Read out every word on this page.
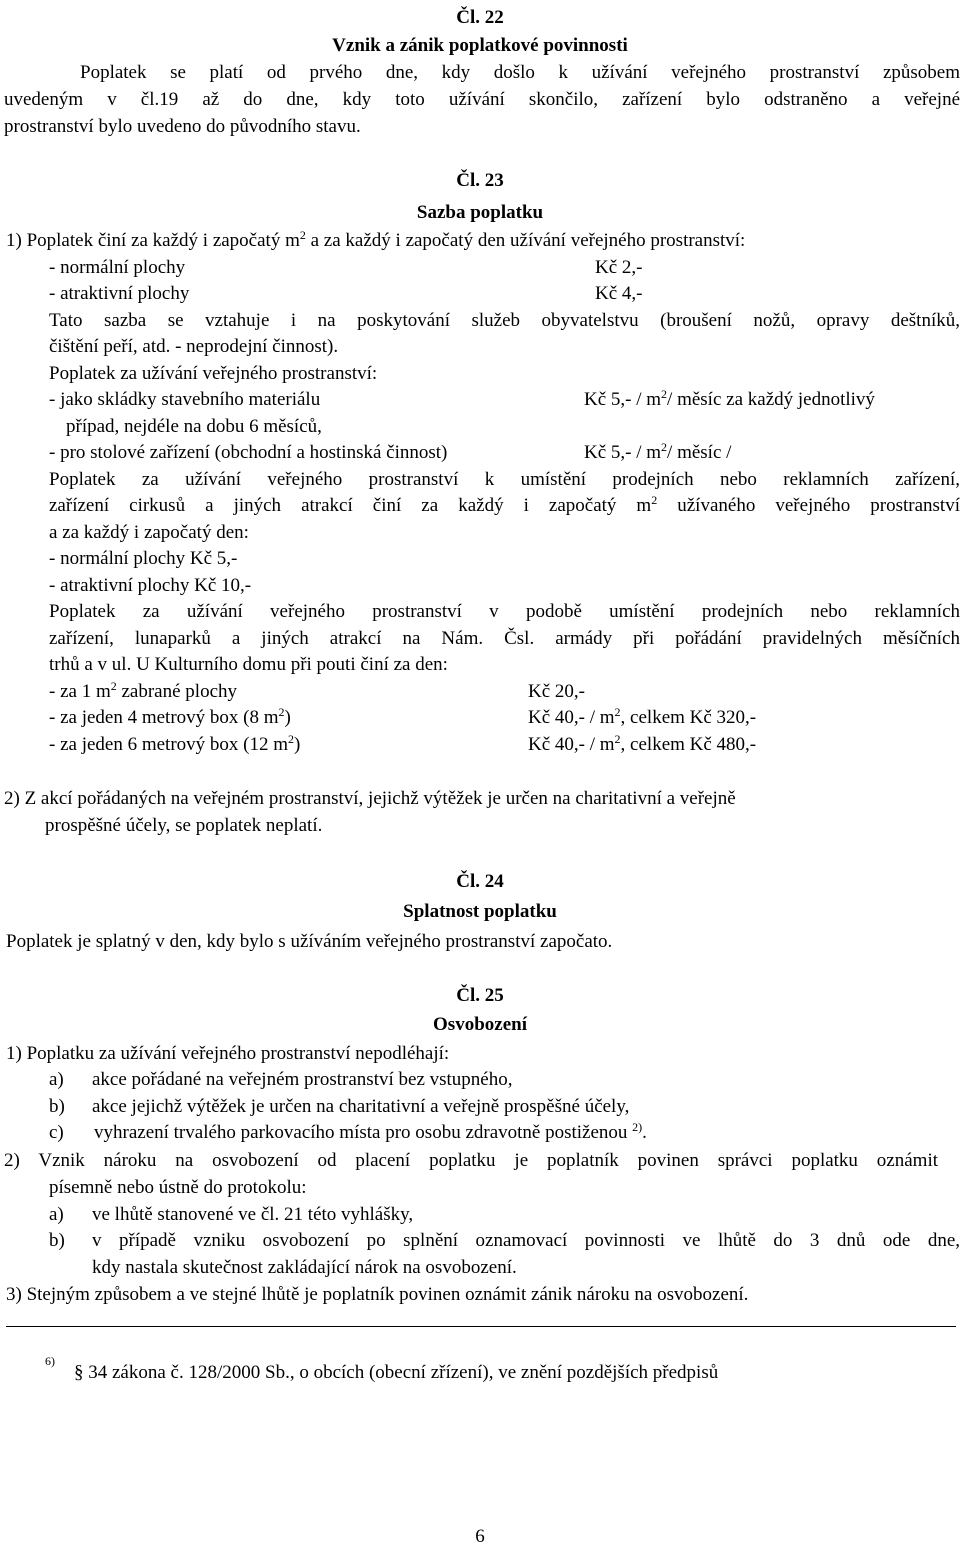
Čl. 22
Vznik a zánik poplatkové povinnosti
Poplatek se platí od prvého dne, kdy došlo k užívání veřejného prostranství způsobem
uvedeným v čl.19 až do dne, kdy toto užívání skončilo, zařízení bylo odstraněno a veřejné
prostranství bylo uvedeno do původního stavu.
Čl. 23
Sazba poplatku
1) Poplatek činí za každý i započatý $m^2$ a za každý i započatý den užívání veřejného prostranství:
- normální plochy	Kč 2,-
- atraktivní plochy	Kč 4,-
Tato sazba se vztahuje i na poskytování služeb obyvatelstvu (broušení nožů, opravy deštníků,
čištění peří, atd. - neprodejní činnost).
Poplatek za užívání veřejného prostranství:
- jako skládky stavebního materiálu	Kč $5,- / m^2/$ měsíc za každý jednotlivý
případ, nejdéle na dobu 6 měsíců,
- pro stolové zařízení (obchodní a hostinská činnost)	Kč $5,- / m^2/$ měsíc /
Poplatek za užívání veřejného prostranství k umístění prodejních nebo reklamních zařízení,
zařízení cirkusů a jiných atrakcí činí za každý i započatý $m^2$ užívaného veřejného prostranství
a za každý i započatý den:
- normální plochy Kč 5,-
- atraktivní plochy Kč 10,-
Poplatek za užívání veřejného prostranství v podobě umístění prodejních nebo reklamních
zařízení, lunaparků a jiných atrakcí na Nám. Čsl. armády při pořádání pravidelných měsíčních
trhů a v ul. U Kulturního domu při pouti činí za den:
- za 1 $m^2$ zabrané plochy	Kč 20,-
- za jeden 4 metrový box (8 $m^2$)	Kč $40,- / m^2$, celkem Kč 320,-
- za jeden 6 metrový box (12 $m^2$)	Kč $40,- / m^2$, celkem Kč 480,-
2) Z akcí pořádaných na veřejném prostranství, jejichž výtěžek je určen na charitativní a veřejně
prospěšné účely, se poplatek neplatí.
Čl. 24
Splatnost poplatku
Poplatek je splatný v den, kdy bylo s užíváním veřejného prostranství započato.
Čl. 25
Osvobození
1) Poplatku za užívání veřejného prostranství nepodléhají:
a) akce pořádané na veřejném prostranství bez vstupného,
b) akce jejichž výtěžek je určen na charitativní a veřejně prospěšné účely,
c) vyhrazení trvalého parkovacího místa pro osobu zdravotně postiženou $^{2)}$.
2) Vznik nároku na osvobození od placení poplatku je poplatník povinen správci poplatku oznámit
písemně nebo ústně do protokolu:
a) ve lhůtě stanovené ve čl. 21 této vyhlášky,
b) v případě vzniku osvobození po splnění oznamovací povinnosti ve lhůtě do 3 dnů ode dne,
kdy nastala skutečnost zakládající nárok na osvobození.
3) Stejným způsobem a ve stejné lhůtě je poplatník povinen oznámit zánik nároku na osvobození.
6)
§ 34 zákona č. 128/2000 Sb., o obcích (obecní zřízení), ve znění pozdějších předpisů
6
